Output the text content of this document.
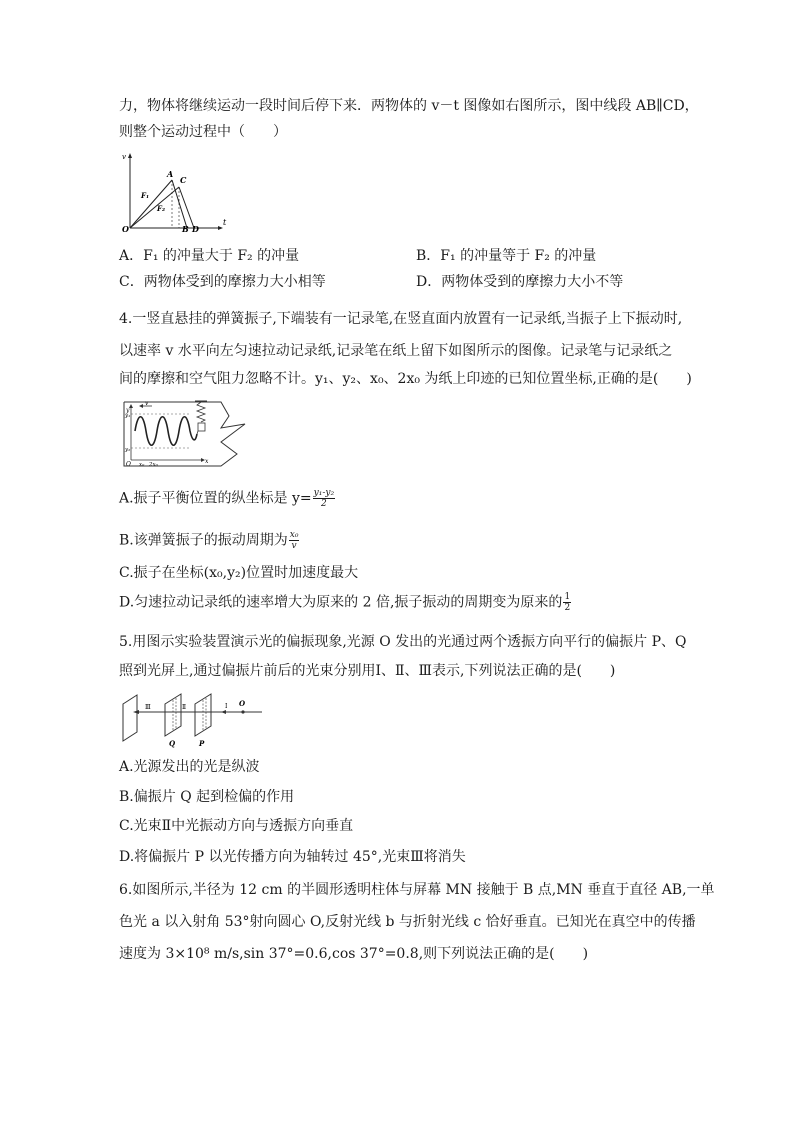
力，物体将继续运动一段时间后停下来．两物体的 v－t 图像如右图所示，图中线段 AB∥CD，
则整个运动过程中（　　）
v
t
O
A
C
F₁
F₂
B D
A．F₁ 的冲量大于 F₂ 的冲量	B．F₁ 的冲量等于 F₂ 的冲量
C．两物体受到的摩擦力大小相等	D．两物体受到的摩擦力大小不等
4.一竖直悬挂的弹簧振子,下端装有一记录笔,在竖直面内放置有一记录纸,当振子上下振动时,
以速率 v 水平向左匀速拉动记录纸,记录笔在纸上留下如图所示的图像。记录笔与记录纸之
间的摩擦和空气阻力忽略不计。y₁、y₂、x₀、2x₀ 为纸上印迹的已知位置坐标,正确的是(　　)
v
y
y₁
y₂
O x₀ 2x₀	x
A.振子平衡位置的纵坐标是 $y= \frac{\text{y₁-y₂}}{2}$
B.该弹簧振子的振动周期为 $\frac{\text{x₀}}{v}$
C.振子在坐标(x₀,y₂)位置时加速度最大
D.匀速拉动记录纸的速率增大为原来的 2 倍,振子振动的周期变为原来的 $\frac{1}{2}$
5.用图示实验装置演示光的偏振现象,光源 O 发出的光通过两个透振方向平行的偏振片 P、Q
照到光屏上,通过偏振片前后的光束分别用Ⅰ、Ⅱ、Ⅲ表示,下列说法正确的是(　　)
Ⅲ	Ⅱ	Ⅰ O
Q	P
A.光源发出的光是纵波
B.偏振片 Q 起到检偏的作用
C.光束Ⅱ中光振动方向与透振方向垂直
D.将偏振片 P 以光传播方向为轴转过 45°,光束Ⅲ将消失
6.如图所示,半径为 12 cm 的半圆形透明柱体与屏幕 MN 接触于 B 点,MN 垂直于直径 AB,一单
色光 a 以入射角 53°射向圆心 O,反射光线 b 与折射光线 c 恰好垂直。已知光在真空中的传播
速度为 3×10⁸ m/s,sin 37°=0.6,cos 37°=0.8,则下列说法正确的是(　　)
